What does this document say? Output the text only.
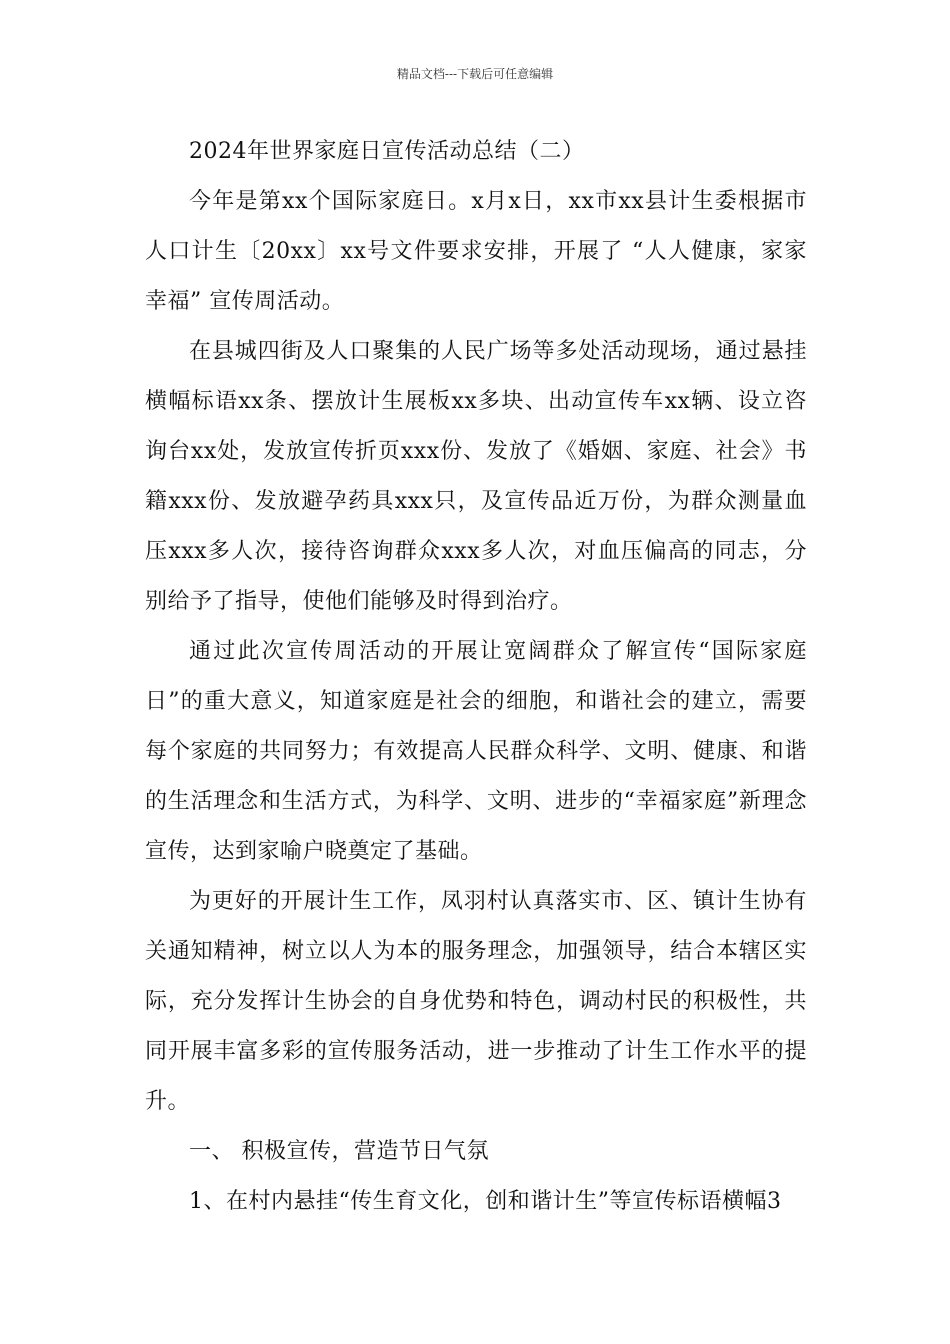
精品文档---下载后可任意编辑

2024年世界家庭日宣传活动总结（二）

今年是第xx个国际家庭日。x月x日，xx市xx县计生委根据市人口计生〔20xx〕xx号文件要求安排，开展了 “人人健康，家家幸福” 宣传周活动。

在县城四街及人口聚集的人民广场等多处活动现场，通过悬挂横幅标语xx条、摆放计生展板xx多块、出动宣传车xx辆、设立咨询台xx处，发放宣传折页xxx份、发放了《婚姻、家庭、社会》书籍xxx份、发放避孕药具xxx只，及宣传品近万份，为群众测量血压xxx多人次，接待咨询群众xxx多人次，对血压偏高的同志，分别给予了指导，使他们能够及时得到治疗。

通过此次宣传周活动的开展让宽阔群众了解宣传“国际家庭日”的重大意义，知道家庭是社会的细胞，和谐社会的建立，需要每个家庭的共同努力；有效提高人民群众科学、文明、健康、和谐的生活理念和生活方式，为科学、文明、进步的“幸福家庭”新理念宣传，达到家喻户晓奠定了基础。

为更好的开展计生工作，凤羽村认真落实市、区、镇计生协有关通知精神，树立以人为本的服务理念，加强领导，结合本辖区实际，充分发挥计生协会的自身优势和特色，调动村民的积极性，共同开展丰富多彩的宣传服务活动，进一步推动了计生工作水平的提升。

一、 积极宣传，营造节日气氛

1、在村内悬挂“传生育文化，创和谐计生”等宣传标语横幅3
